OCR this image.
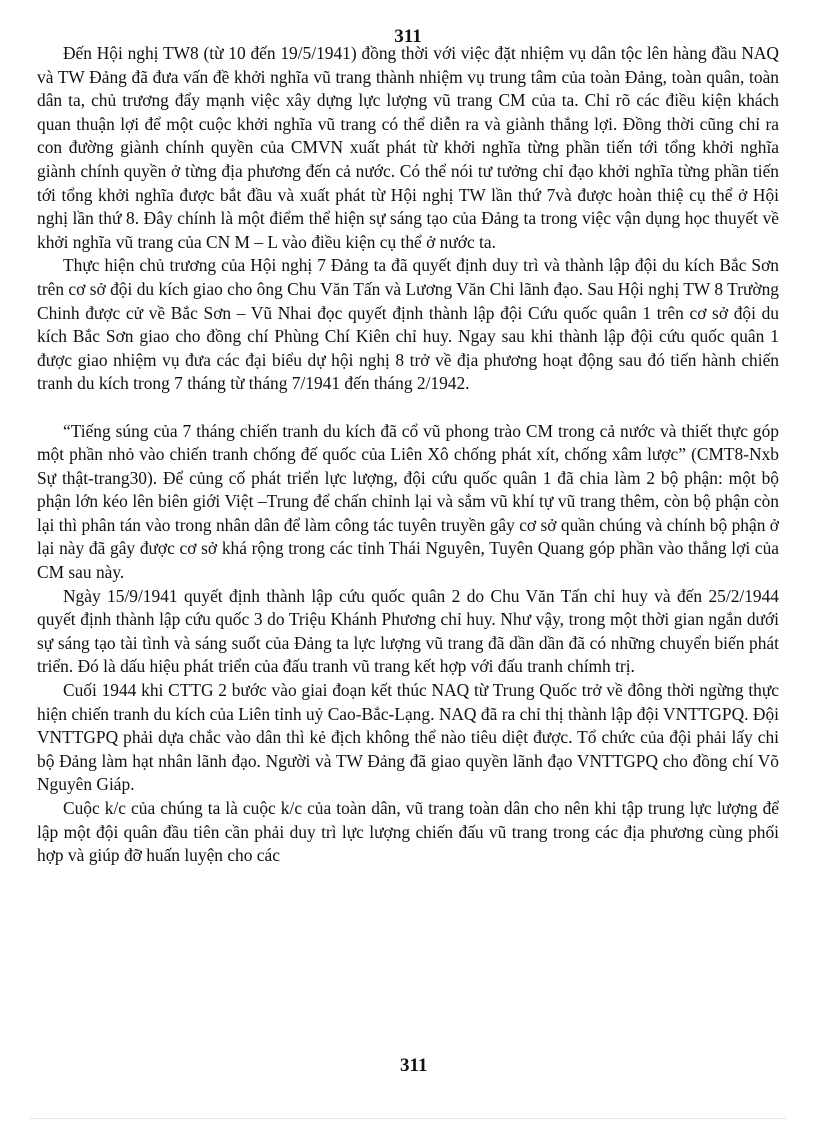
311

Đến Hội nghị TW8 (từ 10 đến 19/5/1941) đồng thời với việc đặt nhiệm vụ dân tộc lên hàng đầu NAQ và TW Đảng đã đưa vấn đề khởi nghĩa vũ trang thành nhiệm vụ trung tâm của toàn Đảng, toàn quân, toàn dân ta, chủ trương đẩy mạnh việc xây dựng lực lượng vũ trang CM của ta. Chỉ rõ các điều kiện khách quan thuận lợi để một cuộc khởi nghĩa vũ trang có thể diễn ra và giành thắng lợi. Đồng thời cũng chỉ ra con đường giành chính quyền của CMVN xuất phát từ khởi nghĩa từng phần tiến tới tổng khởi nghĩa giành chính quyền ở từng địa phương đến cả nước. Có thể nói tư tưởng chỉ đạo khởi nghĩa từng phần tiến tới tổng khởi nghĩa được bắt đầu và xuất phát từ Hội nghị TW lần thứ 7và được hoàn thiệ cụ thể ở Hội nghị lần thứ 8. Đây chính là một điểm thể hiện sự sáng tạo của Đảng ta trong việc vận dụng học thuyết về khởi nghĩa vũ trang của CN M – L vào điều kiện cụ thể ở nước ta.

Thực hiện chủ trương của Hội nghị 7 Đảng ta đã quyết định duy trì và thành lập đội du kích Bắc Sơn trên cơ sở đội du kích giao cho ông Chu Văn Tấn và Lương Văn Chi lãnh đạo. Sau Hội nghị TW 8 Trường Chinh được cử về Bắc Sơn – Vũ Nhai đọc quyết định thành lập đội Cứu quốc quân 1 trên cơ sở đội du kích Bắc Sơn giao cho đồng chí Phùng Chí Kiên chỉ huy. Ngay sau khi thành lập đội cứu quốc quân 1 được giao nhiệm vụ đưa các đại biểu dự hội nghị 8 trở về địa phương hoạt động sau đó tiến hành chiến tranh du kích trong 7 tháng từ tháng 7/1941 đến tháng 2/1942.

“Tiếng súng của 7 tháng chiến tranh du kích đã cổ vũ phong trào CM trong cả nước và thiết thực góp một phần nhỏ vào chiến tranh chống đế quốc của Liên Xô chống phát xít, chống xâm lược” (CMT8-Nxb Sự thật-trang30). Để củng cố phát triển lực lượng, đội cứu quốc quân 1 đã chia làm 2 bộ phận: một bộ phận lớn kéo lên biên giới Việt –Trung để chấn chỉnh lại và sắm vũ khí tự vũ trang thêm, còn bộ phận còn lại thì phân tán vào trong nhân dân để làm công tác tuyên truyền gây cơ sở quần chúng và chính bộ phận ở lại này đã gây được cơ sở khá rộng trong các tỉnh Thái Nguyên, Tuyên Quang góp phần vào thắng lợi của CM sau này.

Ngày 15/9/1941 quyết định thành lập cứu quốc quân 2 do Chu Văn Tấn chỉ huy và đến 25/2/1944 quyết định thành lập cứu quốc 3 do Triệu Khánh Phương chỉ huy. Như vậy, trong một thời gian ngắn dưới sự sáng tạo tài tình và sáng suốt của Đảng ta lực lượng vũ trang đã dần dần đã có những chuyển biến phát triển. Đó là dấu hiệu phát triển của đấu tranh vũ trang kết hợp với đấu tranh chímh trị.

Cuối 1944 khi CTTG 2 bước vào giai đoạn kết thúc NAQ từ Trung Quốc trở về đông thời ngừng thực hiện chiến tranh du kích của Liên tỉnh uỷ Cao-Bắc-Lạng. NAQ đã ra chỉ thị thành lập đội VNTTGPQ. Đội VNTTGPQ phải dựa chắc vào dân thì kẻ địch không thể nào tiêu diệt được. Tổ chức của đội phải lấy chi bộ Đảng làm hạt nhân lãnh đạo. Người và TW Đảng đã giao quyền lãnh đạo VNTTGPQ cho đồng chí Võ Nguyên Giáp.

Cuộc k/c của chúng ta là cuộc k/c của toàn dân, vũ trang toàn dân cho nên khi tập trung lực lượng để lập một đội quân đầu tiên cần phải duy trì lực lượng chiến đấu vũ trang trong các địa phương cùng phối hợp và giúp đỡ huấn luyện cho các

311
